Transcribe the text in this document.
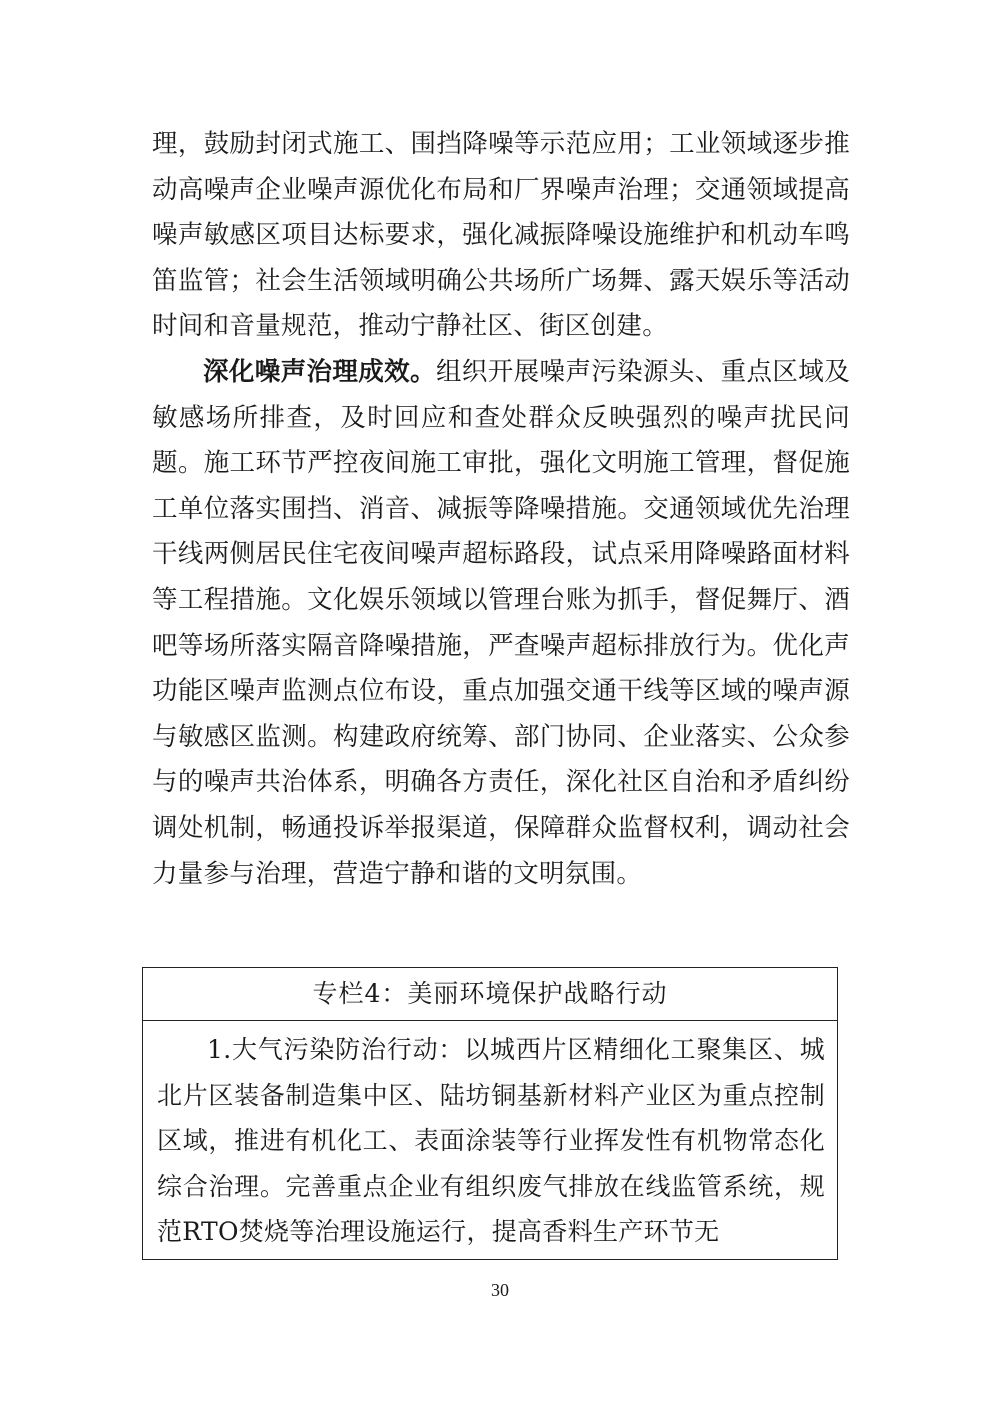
理，鼓励封闭式施工、围挡降噪等示范应用；工业领域逐步推动高噪声企业噪声源优化布局和厂界噪声治理；交通领域提高噪声敏感区项目达标要求，强化减振降噪设施维护和机动车鸣笛监管；社会生活领域明确公共场所广场舞、露天娱乐等活动时间和音量规范，推动宁静社区、街区创建。

深化噪声治理成效。组织开展噪声污染源头、重点区域及敏感场所排查，及时回应和查处群众反映强烈的噪声扰民问题。施工环节严控夜间施工审批，强化文明施工管理，督促施工单位落实围挡、消音、减振等降噪措施。交通领域优先治理干线两侧居民住宅夜间噪声超标路段，试点采用降噪路面材料等工程措施。文化娱乐领域以管理台账为抓手，督促舞厅、酒吧等场所落实隔音降噪措施，严查噪声超标排放行为。优化声功能区噪声监测点位布设，重点加强交通干线等区域的噪声源与敏感区监测。构建政府统筹、部门协同、企业落实、公众参与的噪声共治体系，明确各方责任，深化社区自治和矛盾纠纷调处机制，畅通投诉举报渠道，保障群众监督权利，调动社会力量参与治理，营造宁静和谐的文明氛围。

专栏4：美丽环境保护战略行动
1.大气污染防治行动：以城西片区精细化工聚集区、城北片区装备制造集中区、陆坊铜基新材料产业区为重点控制区域，推进有机化工、表面涂装等行业挥发性有机物常态化综合治理。完善重点企业有组织废气排放在线监管系统，规范RTO焚烧等治理设施运行，提高香料生产环节无
30
